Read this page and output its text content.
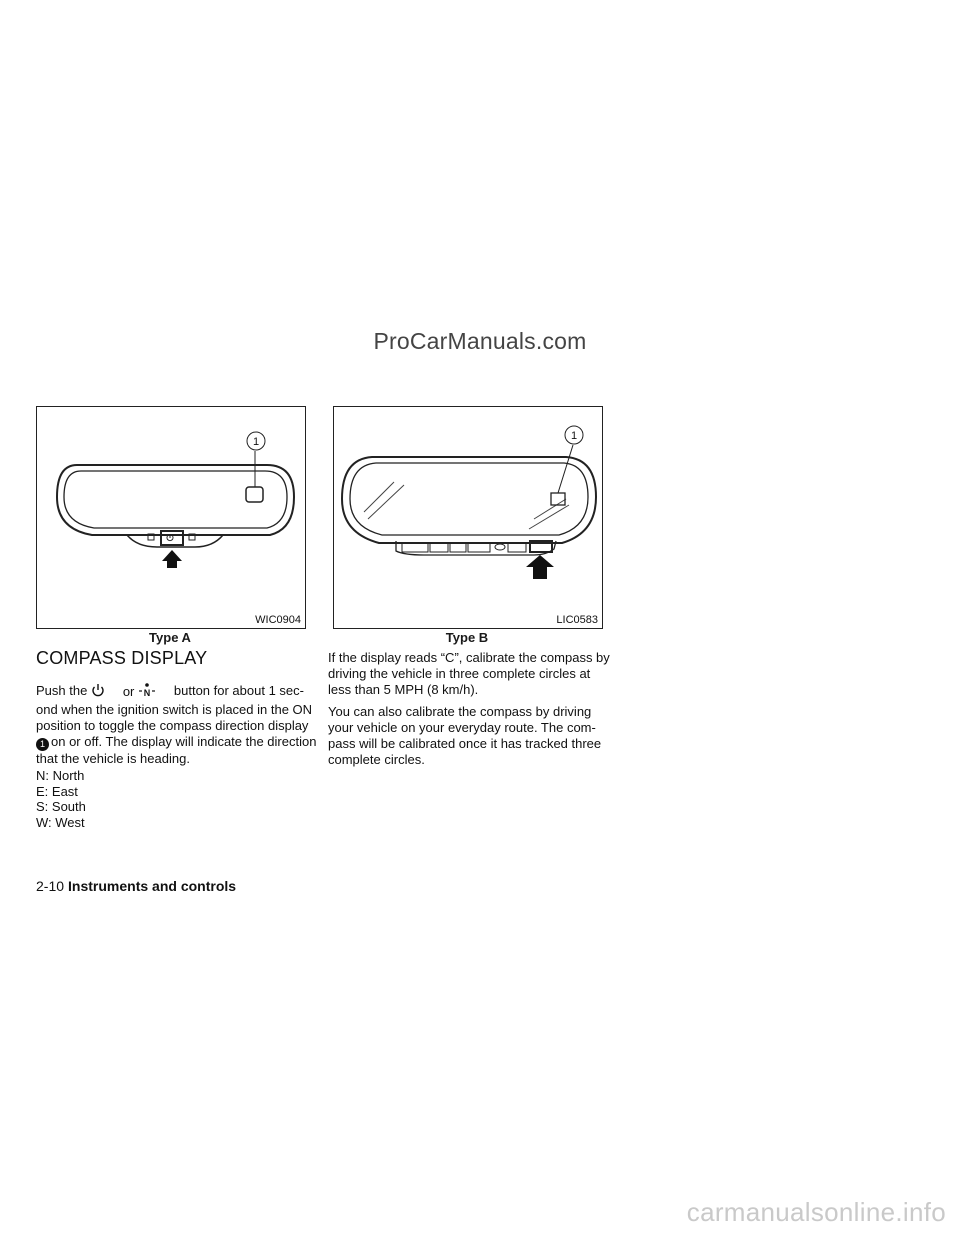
ProCarManuals.com
1
WIC0904
Type A
1
LIC0583
Type B
COMPASS DISPLAY
Push the	or N button for about 1 sec-
ond when the ignition switch is placed in the ON
position to toggle the compass direction display
1 on or off. The display will indicate the direction
that the vehicle is heading.
N: North
E: East
S: South
W: West
If the display reads “C”, calibrate the compass by
driving the vehicle in three complete circles at
less than 5 MPH (8 km/h).
You can also calibrate the compass by driving
your vehicle on your everyday route. The com-
pass will be calibrated once it has tracked three
complete circles.
2-10 Instruments and controls
carmanualsonline.info
